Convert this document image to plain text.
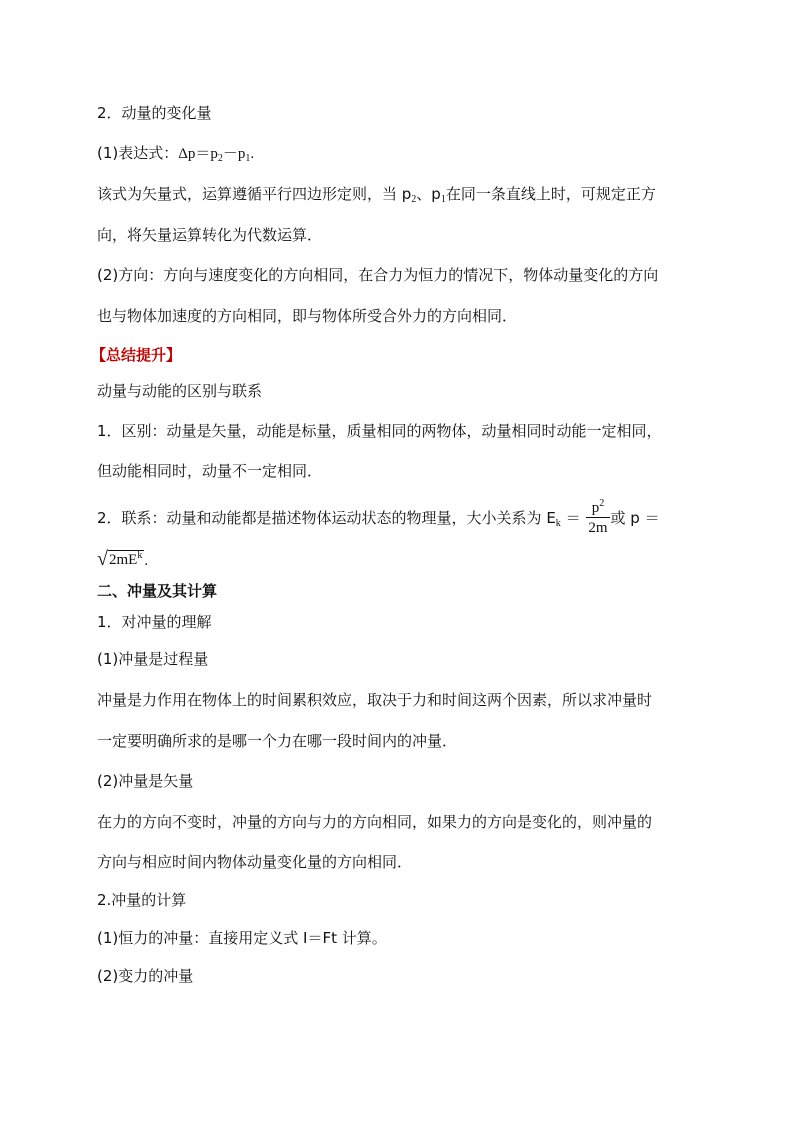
2．动量的变化量
(1)表达式：$\Delta p=p_2-p_1$.
该式为矢量式，运算遵循平行四边形定则，当 $p_2$、$p_1$在同一条直线上时，可规定正方
向，将矢量运算转化为代数运算．
(2)方向：方向与速度变化的方向相同，在合力为恒力的情况下，物体动量变化的方向
也与物体加速度的方向相同，即与物体所受合外力的方向相同．
【总结提升】
动量与动能的区别与联系
1．区别：动量是矢量，动能是标量，质量相同的两物体，动量相同时动能一定相同，
但动能相同时，动量不一定相同．
2．联系：动量和动能都是描述物体运动状态的物理量，大小关系为 $E_k = \frac{p^2}{2m}$ 或 p ＝
√ $2mE^k$ .
二、冲量及其计算
1．对冲量的理解
(1)冲量是过程量
冲量是力作用在物体上的时间累积效应，取决于力和时间这两个因素，所以求冲量时
一定要明确所求的是哪一个力在哪一段时间内的冲量．
(2)冲量是矢量
在力的方向不变时，冲量的方向与力的方向相同，如果力的方向是变化的，则冲量的
方向与相应时间内物体动量变化量的方向相同．
2.冲量的计算
(1)恒力的冲量：直接用定义式 I＝Ft 计算。
(2)变力的冲量
